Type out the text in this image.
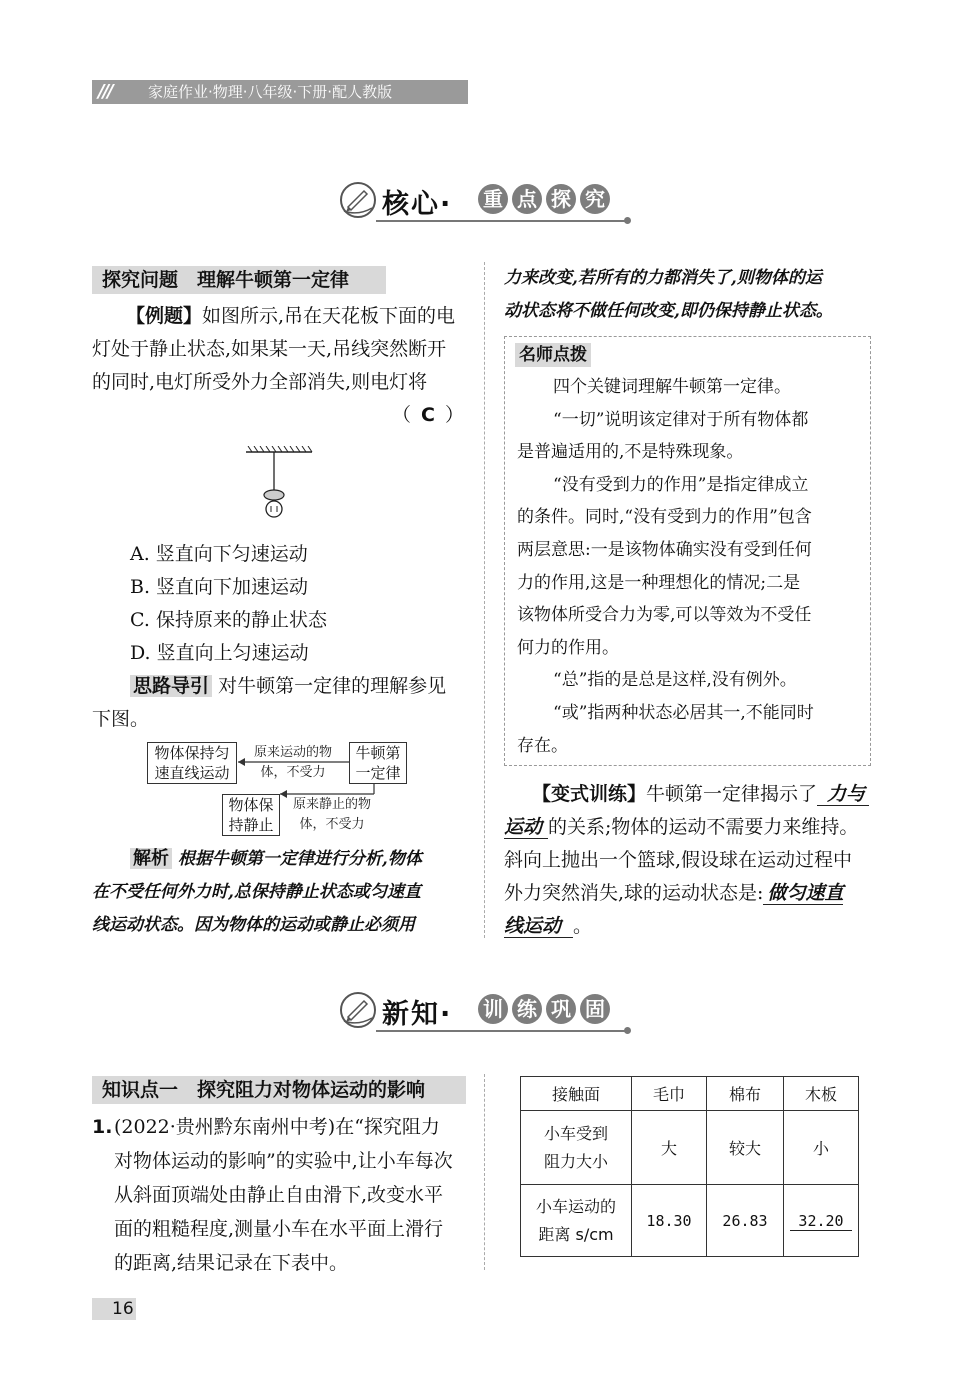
/// 家庭作业·物理·八年级·下册·配人教版
核心· 重 点 探 究
探究问题　理解牛顿第一定律
【例题】如图所示,吊在天花板下面的电
灯处于静止状态,如果某一天,吊线突然断开
的同时,电灯所受外力全部消失,则电灯将
（ C ）
A. 竖直向下匀速运动
B. 竖直向下加速运动
C. 保持原来的静止状态
D. 竖直向上匀速运动
思路导引 对牛顿第一定律的理解参见
下图。
物体保持匀
速直线运动
原来运动的物
体，不受力
牛顿第
一定律
物体保
持静止
原来静止的物
体，不受力
解析 根据牛顿第一定律进行分析,物体
在不受任何外力时,总保持静止状态或匀速直
线运动状态。因为物体的运动或静止必须用
力来改变,若所有的力都消失了,则物体的运
动状态将不做任何改变,即仍保持静止状态。
名师点拨
四个关键词理解牛顿第一定律。
“一切”说明该定律对于所有物体都
是普遍适用的,不是特殊现象。
“没有受到力的作用”是指定律成立
的条件。同时,“没有受到力的作用”包含
两层意思:一是该物体确实没有受到任何
力的作用,这是一种理想化的情况;二是
该物体所受合力为零,可以等效为不受任
何力的作用。
“总”指的是总是这样,没有例外。
“或”指两种状态必居其一,不能同时
存在。
【变式训练】牛顿第一定律揭示了 力与
运动 的关系;物体的运动不需要力来维持。
斜向上抛出一个篮球,假设球在运动过程中
外力突然消失,球的运动状态是: 做匀速直
线运动 。
新知· 训 练 巩 固
知识点一　探究阻力对物体运动的影响
1.(2022·贵州黔东南州中考)在“探究阻力
对物体运动的影响”的实验中,让小车每次
从斜面顶端处由静止自由滑下,改变水平
面的粗糙程度,测量小车在水平面上滑行
的距离,结果记录在下表中。
接触面	毛巾	棉布	木板

小车受到
阻力大小	大	较大	小

小车运动的
距离 s/cm	18.30	26.83	32.20
16
